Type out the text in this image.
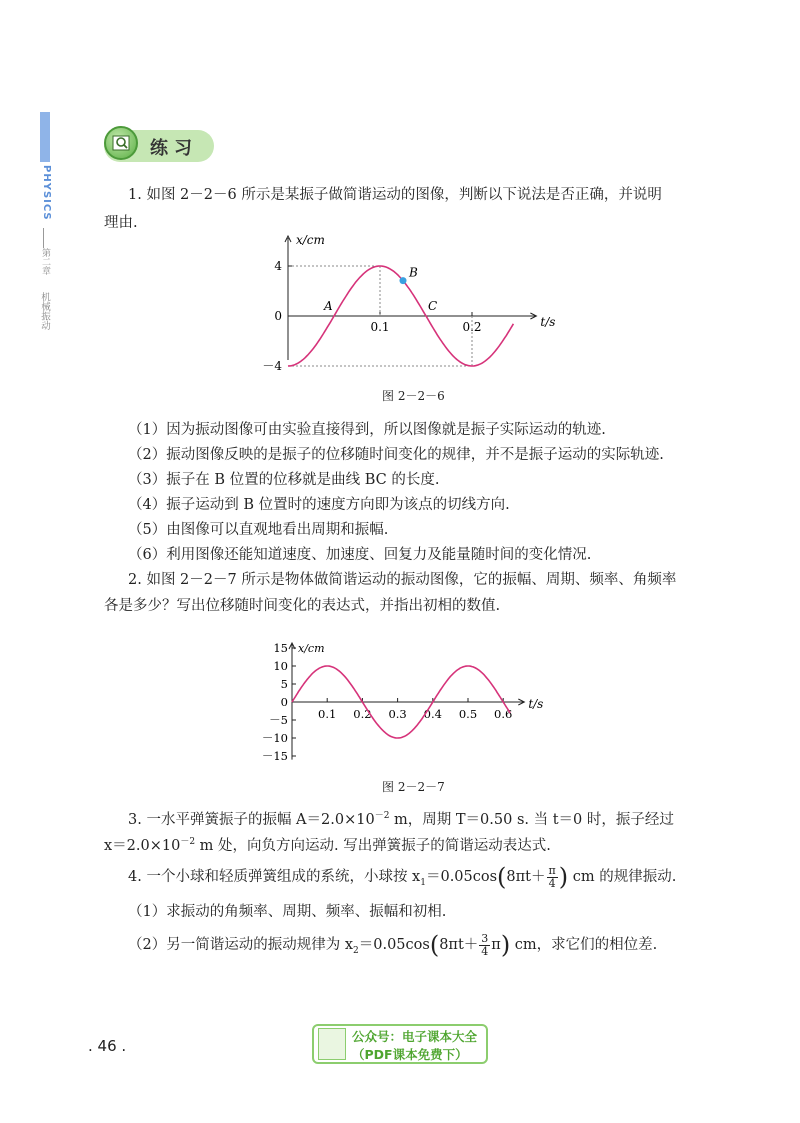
PHYSICS
第二章
机械振动
练习
1. 如图 2－2－6 所示是某振子做简谐运动的图像，判断以下说法是否正确，并说明
理由.
x/cm
t/s
4
0
－4
0.1	0.2
A
B
C
图 2－2－6
（1）因为振动图像可由实验直接得到，所以图像就是振子实际运动的轨迹.
（2）振动图像反映的是振子的位移随时间变化的规律，并不是振子运动的实际轨迹.
（3）振子在 B 位置的位移就是曲线 BC 的长度.
（4）振子运动到 B 位置时的速度方向即为该点的切线方向.
（5）由图像可以直观地看出周期和振幅.
（6）利用图像还能知道速度、加速度、回复力及能量随时间的变化情况.
2. 如图 2－2－7 所示是物体做简谐运动的振动图像，它的振幅、周期、频率、角频率
各是多少？写出位移随时间变化的表达式，并指出初相的数值.
x/cm
t/s
15
10
5
0
－5
－10
－15
0.1 0.2 0.3 0.4 0.5 0.6
图 2－2－7
3. 一水平弹簧振子的振幅 $A=2.0\times 10^{-2}$ m，周期 T＝0.50 s. 当 t＝0 时，振子经过
$x=2.0\times 10^{-2}$ m 处，向负方向运动. 写出弹簧振子的简谐运动表达式.
4. 一个小球和轻质弹簧组成的系统，小球按 $x_1=0.05\cos(8\pi t+ \frac{\pi}{4}$ ) cm 的规律振动.
（1）求振动的角频率、周期、频率、振幅和初相.
（2）另一简谐运动的振动规律为 $x_2=0.05\cos(8\pi t+ \frac{3}{4} \pi)$ cm，求它们的相位差.
. 46 .
公众号：电子课本大全
（PDF课本免费下）
